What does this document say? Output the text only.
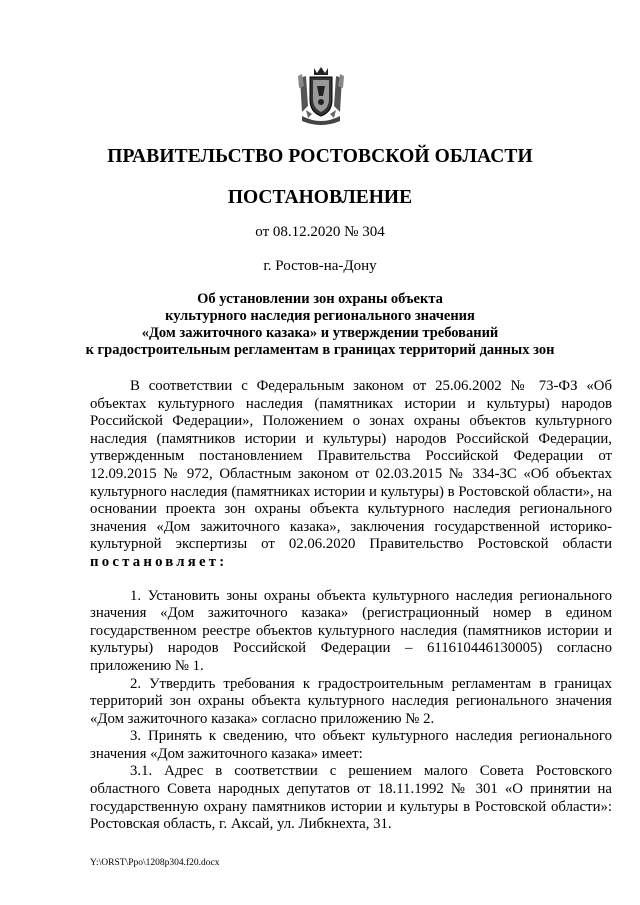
ПРАВИТЕЛЬСТВО РОСТОВСКОЙ ОБЛАСТИ
ПОСТАНОВЛЕНИЕ
от 08.12.2020 № 304
г. Ростов-на-Дону
Об установлении зон охраны объекта
культурного наследия регионального значения
«Дом зажиточного казака» и утверждении требований
к градостроительным регламентам в границах территорий данных зон

В соответствии с Федеральным законом от 25.06.2002 № 73-ФЗ «Об объектах культурного наследия (памятниках истории и культуры) народов Российской Федерации», Положением о зонах охраны объектов культурного наследия (памятников истории и культуры) народов Российской Федерации, утвержденным постановлением Правительства Российской Федерации от 12.09.2015 № 972, Областным законом от 02.03.2015 № 334-ЗС «Об объектах культурного наследия (памятниках истории и культуры) в Ростовской области», на основании проекта зон охраны объекта культурного наследия регионального значения «Дом зажиточного казака», заключения государственной историко-культурной экспертизы от 02.06.2020 Правительство Ростовской области постановляет:

1. Установить зоны охраны объекта культурного наследия регионального значения «Дом зажиточного казака» (регистрационный номер в едином государственном реестре объектов культурного наследия (памятников истории и культуры) народов Российской Федерации – 611610446130005) согласно приложению № 1.

2. Утвердить требования к градостроительным регламентам в границах территорий зон охраны объекта культурного наследия регионального значения «Дом зажиточного казака» согласно приложению № 2.

3. Принять к сведению, что объект культурного наследия регионального значения «Дом зажиточного казака» имеет:

3.1. Адрес в соответствии с решением малого Совета Ростовского областного Совета народных депутатов от 18.11.1992 № 301 «О принятии на государственную охрану памятников истории и культуры в Ростовской области»: Ростовская область, г. Аксай, ул. Либкнехта, 31.

Y:\ORST\Ppo\1208p304.f20.docx
